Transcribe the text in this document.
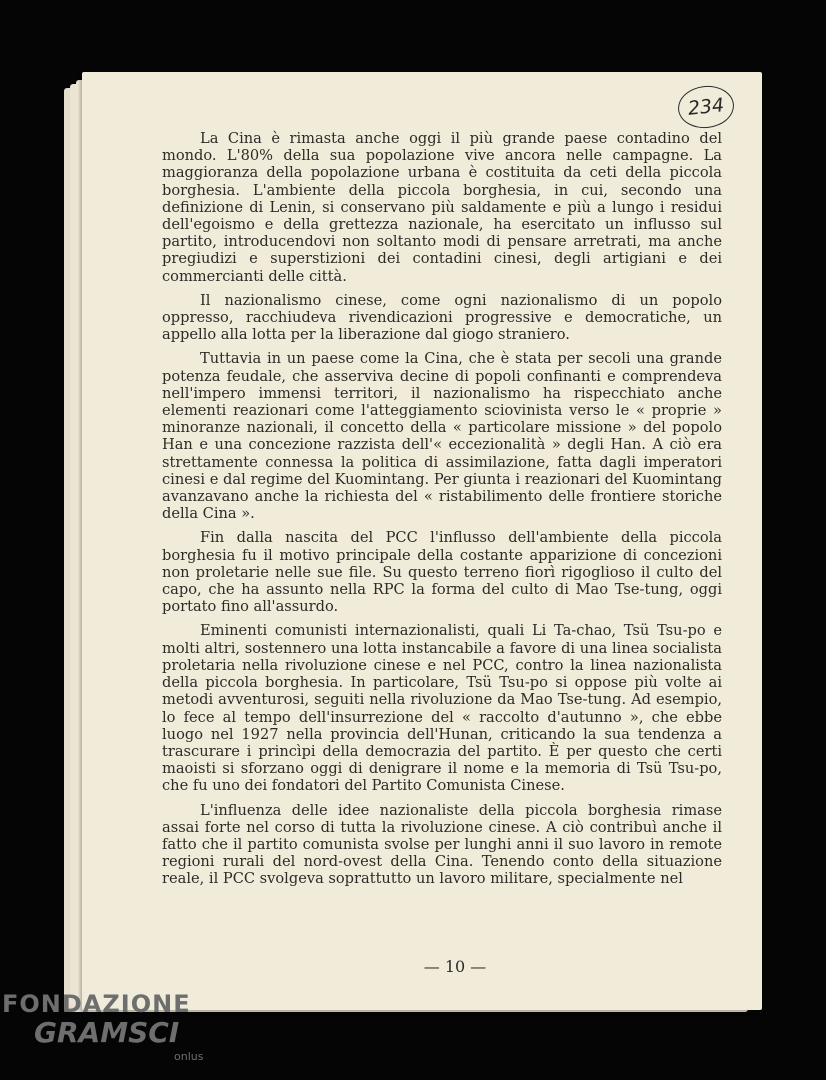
234

La Cina è rimasta anche oggi il più grande paese contadino del mondo. L'80% della sua popolazione vive ancora nelle campagne. La maggioranza della popolazione urbana è costituita da ceti della piccola borghesia. L'ambiente della piccola borghesia, in cui, secondo una definizione di Lenin, si conservano più saldamente e più a lungo i residui dell'egoismo e della grettezza nazionale, ha esercitato un influsso sul partito, introducendovi non soltanto modi di pensare arretrati, ma anche pregiudizi e superstizioni dei contadini cinesi, degli artigiani e dei commercianti delle città.

Il nazionalismo cinese, come ogni nazionalismo di un popolo oppresso, racchiudeva rivendicazioni progressive e democratiche, un appello alla lotta per la liberazione dal giogo straniero.

Tuttavia in un paese come la Cina, che è stata per secoli una grande potenza feudale, che asserviva decine di popoli confinanti e comprendeva nell'impero immensi territori, il nazionalismo ha rispecchiato anche elementi reazionari come l'atteggiamento sciovinista verso le « proprie » minoranze nazionali, il concetto della « particolare missione » del popolo Han e una concezione razzista dell'« eccezionalità » degli Han. A ciò era strettamente connessa la politica di assimilazione, fatta dagli imperatori cinesi e dal regime del Kuomintang. Per giunta i reazionari del Kuomintang avanzavano anche la richiesta del « ristabilimento delle frontiere storiche della Cina ».

Fin dalla nascita del PCC l'influsso dell'ambiente della piccola borghesia fu il motivo principale della costante apparizione di concezioni non proletarie nelle sue file. Su questo terreno fiorì rigoglioso il culto del capo, che ha assunto nella RPC la forma del culto di Mao Tse-tung, oggi portato fino all'assurdo.

Eminenti comunisti internazionalisti, quali Li Ta-chao, Tsü Tsu-po e molti altri, sostennero una lotta instancabile a favore di una linea socialista proletaria nella rivoluzione cinese e nel PCC, contro la linea nazionalista della piccola borghesia. In particolare, Tsü Tsu-po si oppose più volte ai metodi avventurosi, seguiti nella rivoluzione da Mao Tse-tung. Ad esempio, lo fece al tempo dell'insurrezione del « raccolto d'autunno », che ebbe luogo nel 1927 nella provincia dell'Hunan, criticando la sua tendenza a trascurare i princìpi della democrazia del partito. È per questo che certi maoisti si sforzano oggi di denigrare il nome e la memoria di Tsü Tsu-po, che fu uno dei fondatori del Partito Comunista Cinese.

L'influenza delle idee nazionaliste della piccola borghesia rimase assai forte nel corso di tutta la rivoluzione cinese. A ciò contribuì anche il fatto che il partito comunista svolse per lunghi anni il suo lavoro in remote regioni rurali del nord-ovest della Cina. Tenendo conto della situazione reale, il PCC svolgeva soprattutto un lavoro militare, specialmente nel

— 10 —
FONDAZIONE
GRAMSCI
onlus
